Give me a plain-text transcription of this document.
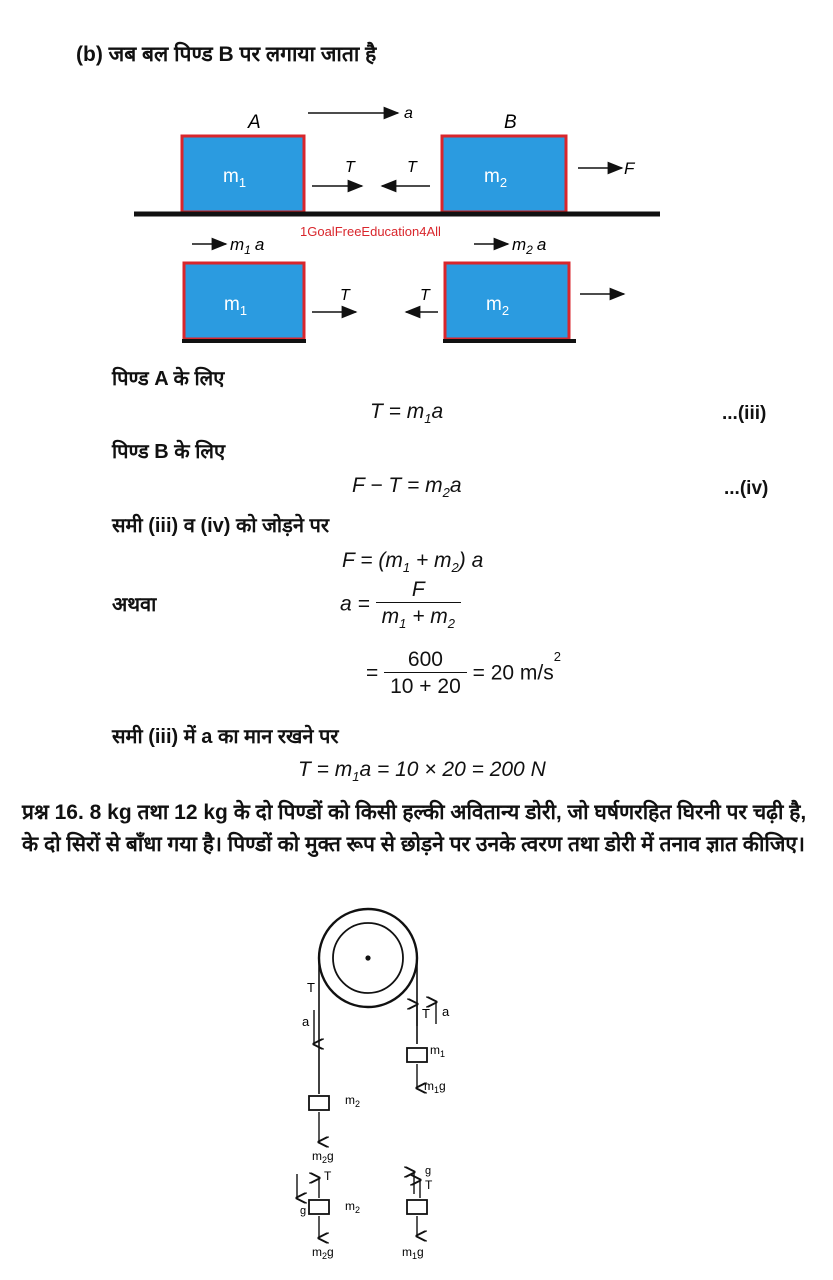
(b) जब बल पिण्ड B पर लगाया जाता है
A	B
a
$m_1$	$m_2$
T	T	F
1GoalFreeEducation4All
$m_1$ a	$m_2$ a
$m_1$	$m_2$
T	T
पिण्ड A के लिए
$T = m_1a$	...(iii)
पिण्ड B के लिए
$F - T = m_2a$	...(iv)
समी (iii) व (iv) को जोड़ने पर
$F = (m_1 + m_2)$ a
अथवा	$a = \frac{F}{m_1 + m_2}$
= $\frac{600}{10 + 20} = 20$ $m/s^2$
समी (iii) में a का मान रखने पर
$T = m_1a = 10 \times 20 = 200$ N
प्रश्न 16. 8 kg तथा 12 kg के दो पिण्डों को किसी हल्की अवितान्य डोरी, जो घर्षणरहित घिरनी पर चढ़ी है, के दो सिरों से बाँधा गया है। पिण्डों को मुक्त रूप से छोड़ने पर उनके त्वरण तथा डोरी में तनाव ज्ञात कीजिए।
T
a
T a
$m_1$
$m_1g$
$m_2$
$m_2g$
g
T
$m_2$
$m_2g$
g
T
$m_1g$
